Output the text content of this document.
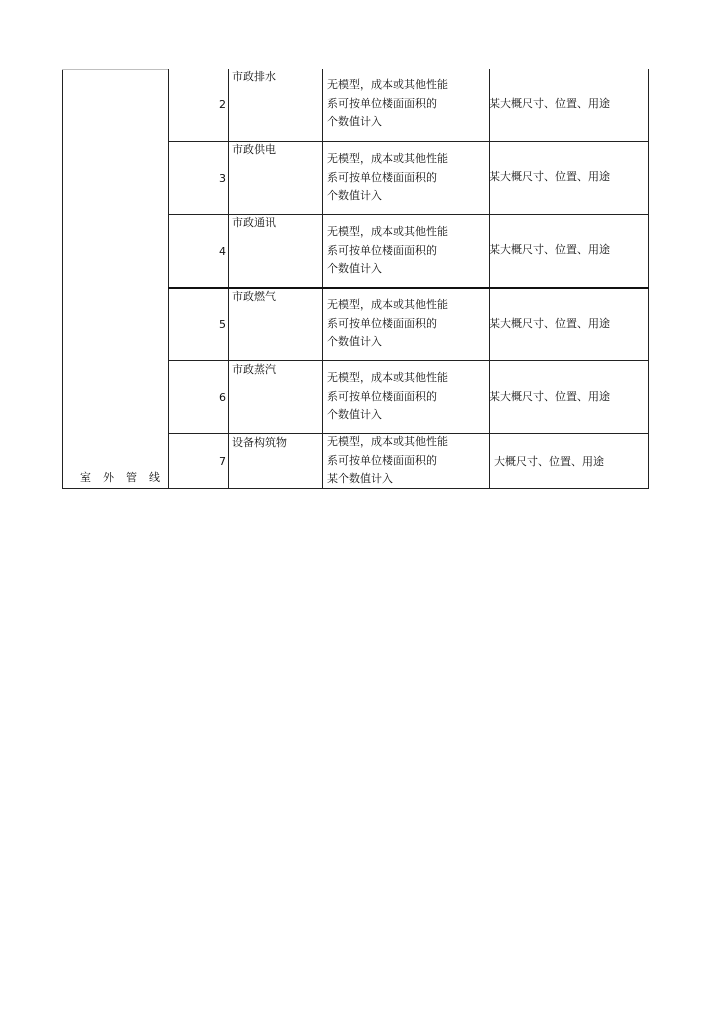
室外管线
2
市政排水
无模型，成本或其他性能
系可按单位楼面面积的
个数值计入
某大概尺寸、位置、用途
3
市政供电
无模型，成本或其他性能
系可按单位楼面面积的
个数值计入
某大概尺寸、位置、用途
4
市政通讯
无模型，成本或其他性能
系可按单位楼面面积的
个数值计入
某大概尺寸、位置、用途
5
市政燃气
无模型，成本或其他性能
系可按单位楼面面积的
个数值计入
某大概尺寸、位置、用途
6
市政蒸汽
无模型，成本或其他性能
系可按单位楼面面积的
个数值计入
某大概尺寸、位置、用途
7
设备构筑物	无模型，成本或其他性能
系可按单位楼面面积的
某个数值计入
大概尺寸、位置、用途
